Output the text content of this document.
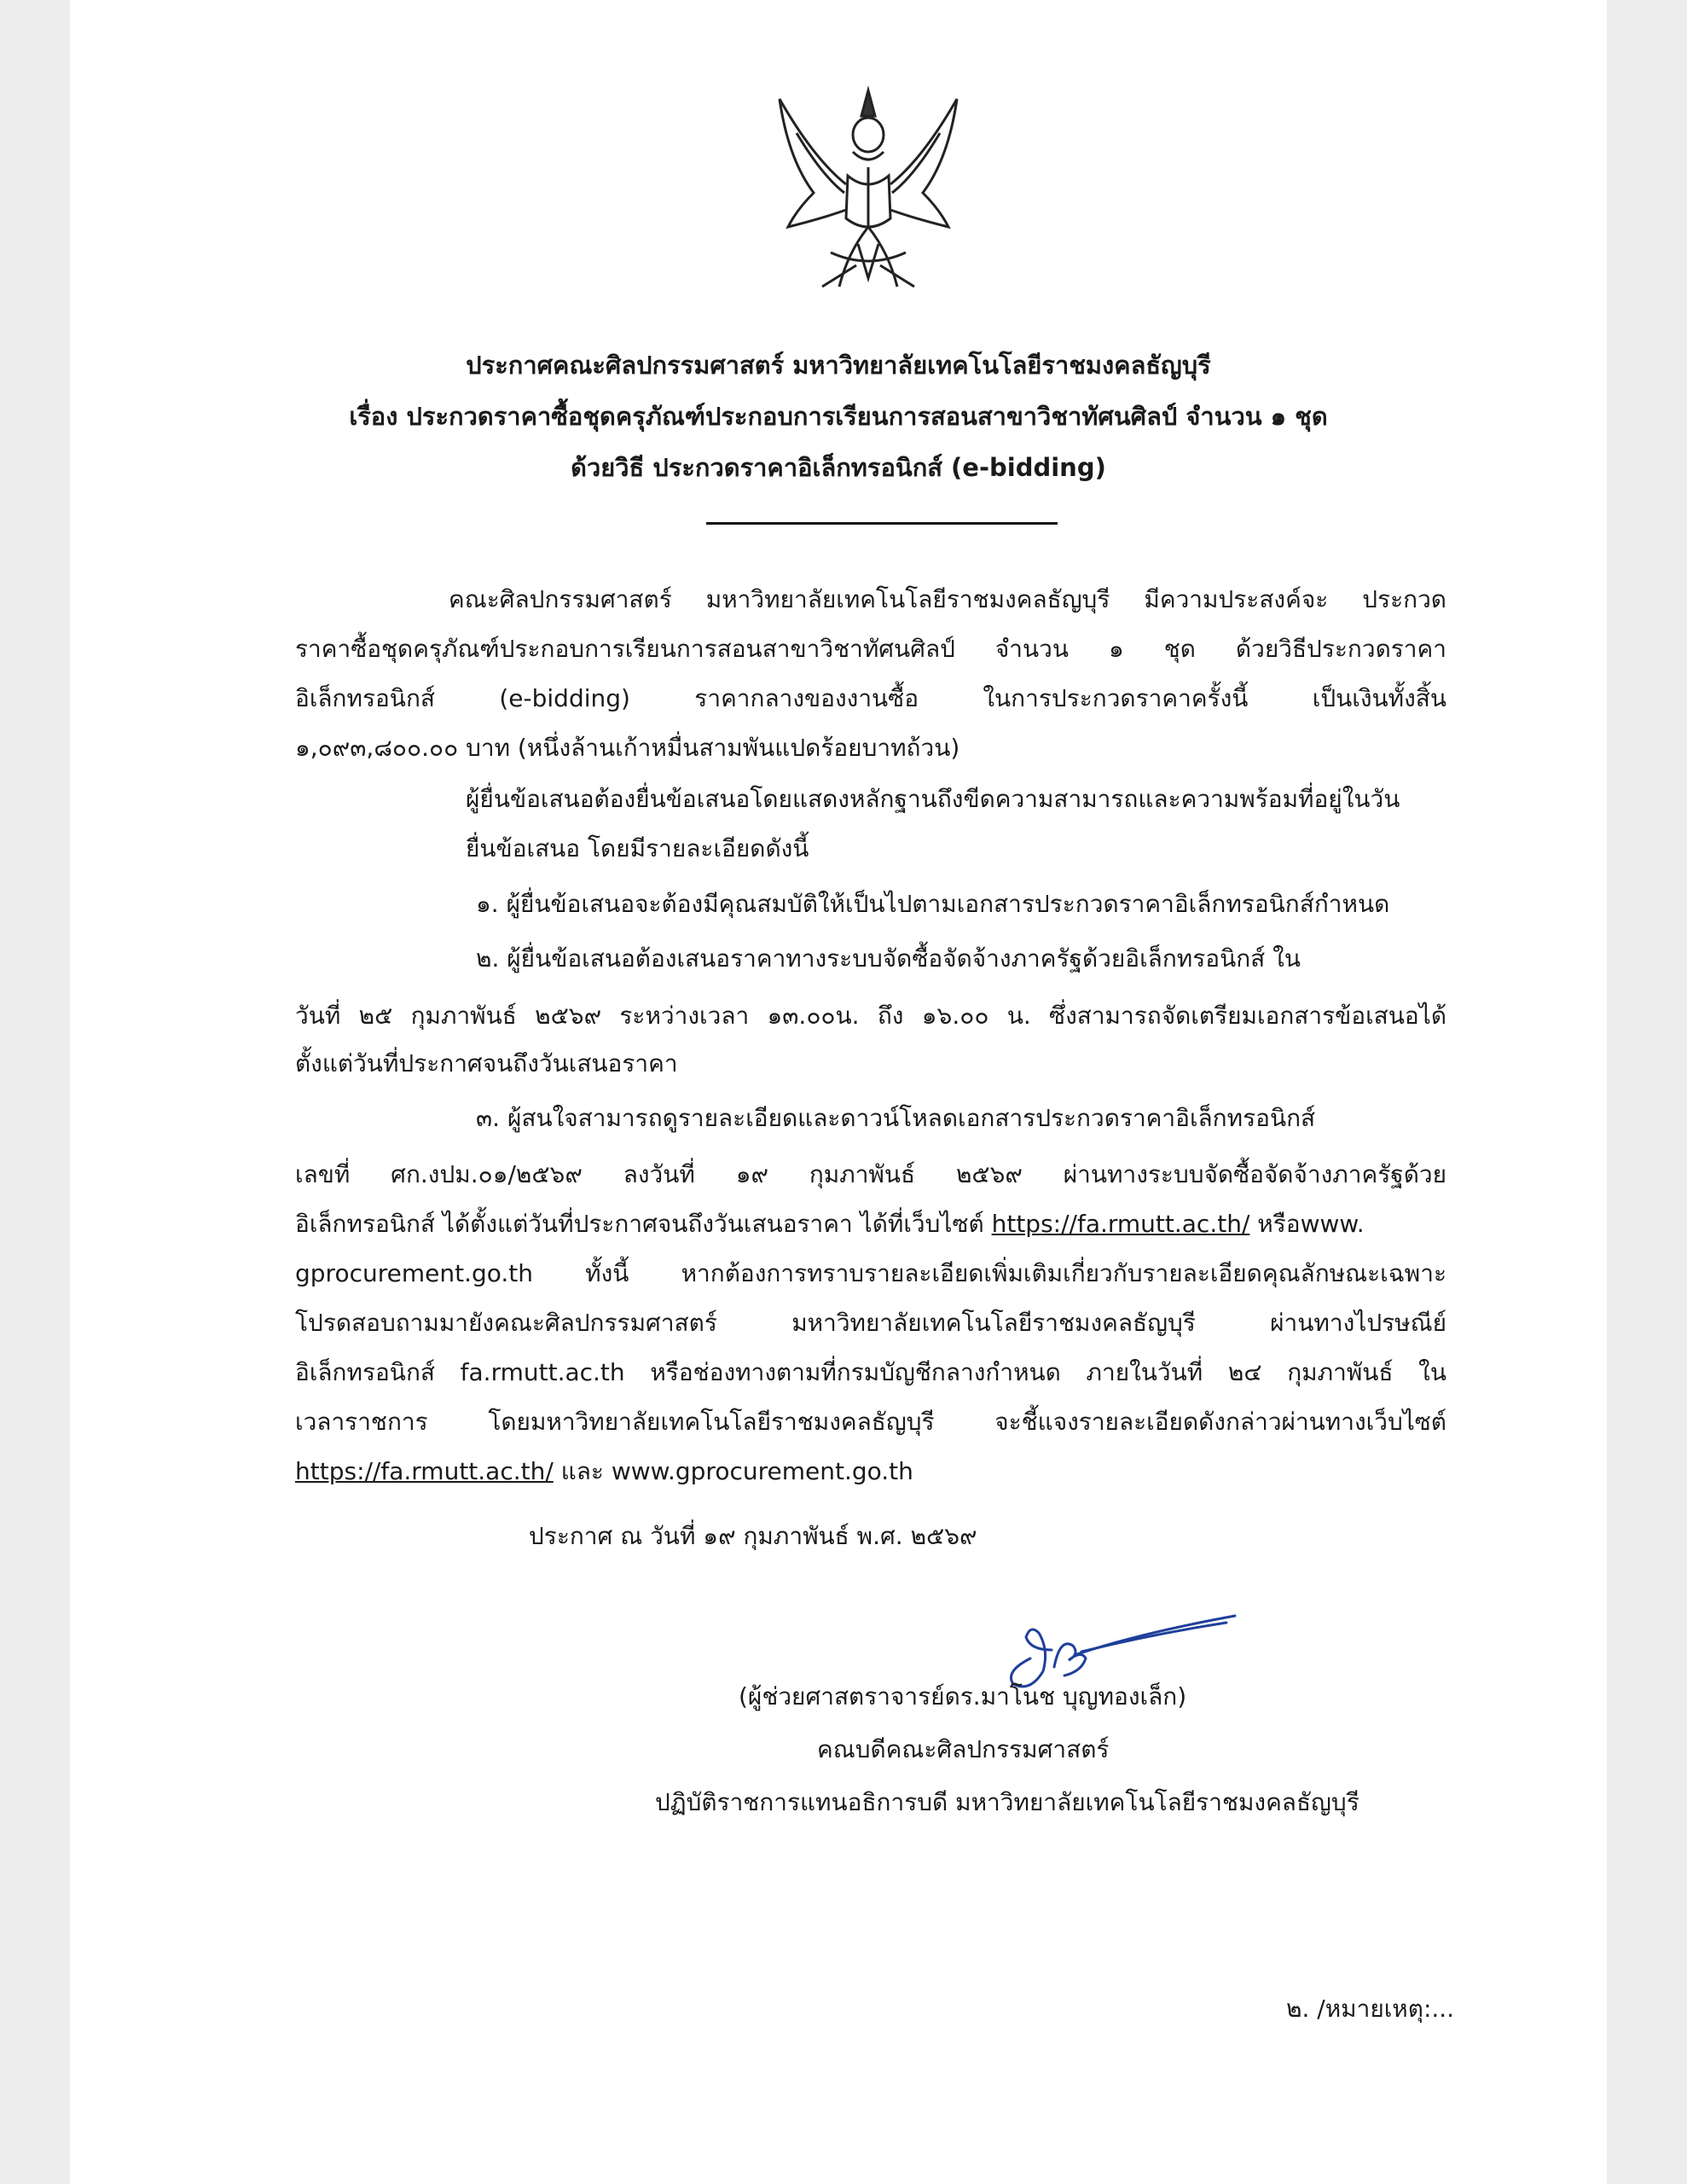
ประกาศคณะศิลปกรรมศาสตร์ มหาวิทยาลัยเทคโนโลยีราชมงคลธัญบุรี
เรื่อง ประกวดราคาซื้อชุดครุภัณฑ์ประกอบการเรียนการสอนสาขาวิชาทัศนศิลป์ จำนวน ๑ ชุด
ด้วยวิธี ประกวดราคาอิเล็กทรอนิกส์ (e-bidding)
คณะศิลปกรรมศาสตร์ มหาวิทยาลัยเทคโนโลยีราชมงคลธัญบุรี มีความประสงค์จะ ประกวด
ราคาซื้อชุดครุภัณฑ์ประกอบการเรียนการสอนสาขาวิชาทัศนศิลป์ จำนวน ๑ ชุด ด้วยวิธีประกวดราคา
อิเล็กทรอนิกส์ (e-bidding) ราคากลางของงานซื้อ ในการประกวดราคาครั้งนี้ เป็นเงินทั้งสิ้น
๑,๐๙๓,๘๐๐.๐๐ บาท (หนึ่งล้านเก้าหมื่นสามพันแปดร้อยบาทถ้วน)
ผู้ยื่นข้อเสนอต้องยื่นข้อเสนอโดยแสดงหลักฐานถึงขีดความสามารถและความพร้อมที่อยู่ในวัน
ยื่นข้อเสนอ โดยมีรายละเอียดดังนี้
๑. ผู้ยื่นข้อเสนอจะต้องมีคุณสมบัติให้เป็นไปตามเอกสารประกวดราคาอิเล็กทรอนิกส์กำหนด
๒. ผู้ยื่นข้อเสนอต้องเสนอราคาทางระบบจัดซื้อจัดจ้างภาครัฐด้วยอิเล็กทรอนิกส์ ใน
วันที่ ๒๕ กุมภาพันธ์ ๒๕๖๙ ระหว่างเวลา ๑๓.๐๐น. ถึง ๑๖.๐๐ น. ซึ่งสามารถจัดเตรียมเอกสารข้อเสนอได้
ตั้งแต่วันที่ประกาศจนถึงวันเสนอราคา
๓. ผู้สนใจสามารถดูรายละเอียดและดาวน์โหลดเอกสารประกวดราคาอิเล็กทรอนิกส์
เลขที่ ศก.งปม.๐๑/๒๕๖๙ ลงวันที่ ๑๙ กุมภาพันธ์ ๒๕๖๙ ผ่านทางระบบจัดซื้อจัดจ้างภาครัฐด้วย
อิเล็กทรอนิกส์ ได้ตั้งแต่วันที่ประกาศจนถึงวันเสนอราคา ได้ที่เว็บไซต์ https://fa.rmutt.ac.th/ หรือwww.
gprocurement.go.th ทั้งนี้ หากต้องการทราบรายละเอียดเพิ่มเติมเกี่ยวกับรายละเอียดคุณลักษณะเฉพาะ
โปรดสอบถามมายังคณะศิลปกรรมศาสตร์ มหาวิทยาลัยเทคโนโลยีราชมงคลธัญบุรี ผ่านทางไปรษณีย์
อิเล็กทรอนิกส์ fa.rmutt.ac.th หรือช่องทางตามที่กรมบัญชีกลางกำหนด ภายในวันที่ ๒๔ กุมภาพันธ์ ใน
เวลาราชการ โดยมหาวิทยาลัยเทคโนโลยีราชมงคลธัญบุรี จะชี้แจงรายละเอียดดังกล่าวผ่านทางเว็บไซต์
https://fa.rmutt.ac.th/ และ www.gprocurement.go.th
ประกาศ ณ วันที่ ๑๙ กุมภาพันธ์ พ.ศ. ๒๕๖๙
(ผู้ช่วยศาสตราจารย์ดร.มาโนช บุญทองเล็ก)
คณบดีคณะศิลปกรรมศาสตร์
ปฏิบัติราชการแทนอธิการบดี มหาวิทยาลัยเทคโนโลยีราชมงคลธัญบุรี
๒. /หมายเหตุ:...
